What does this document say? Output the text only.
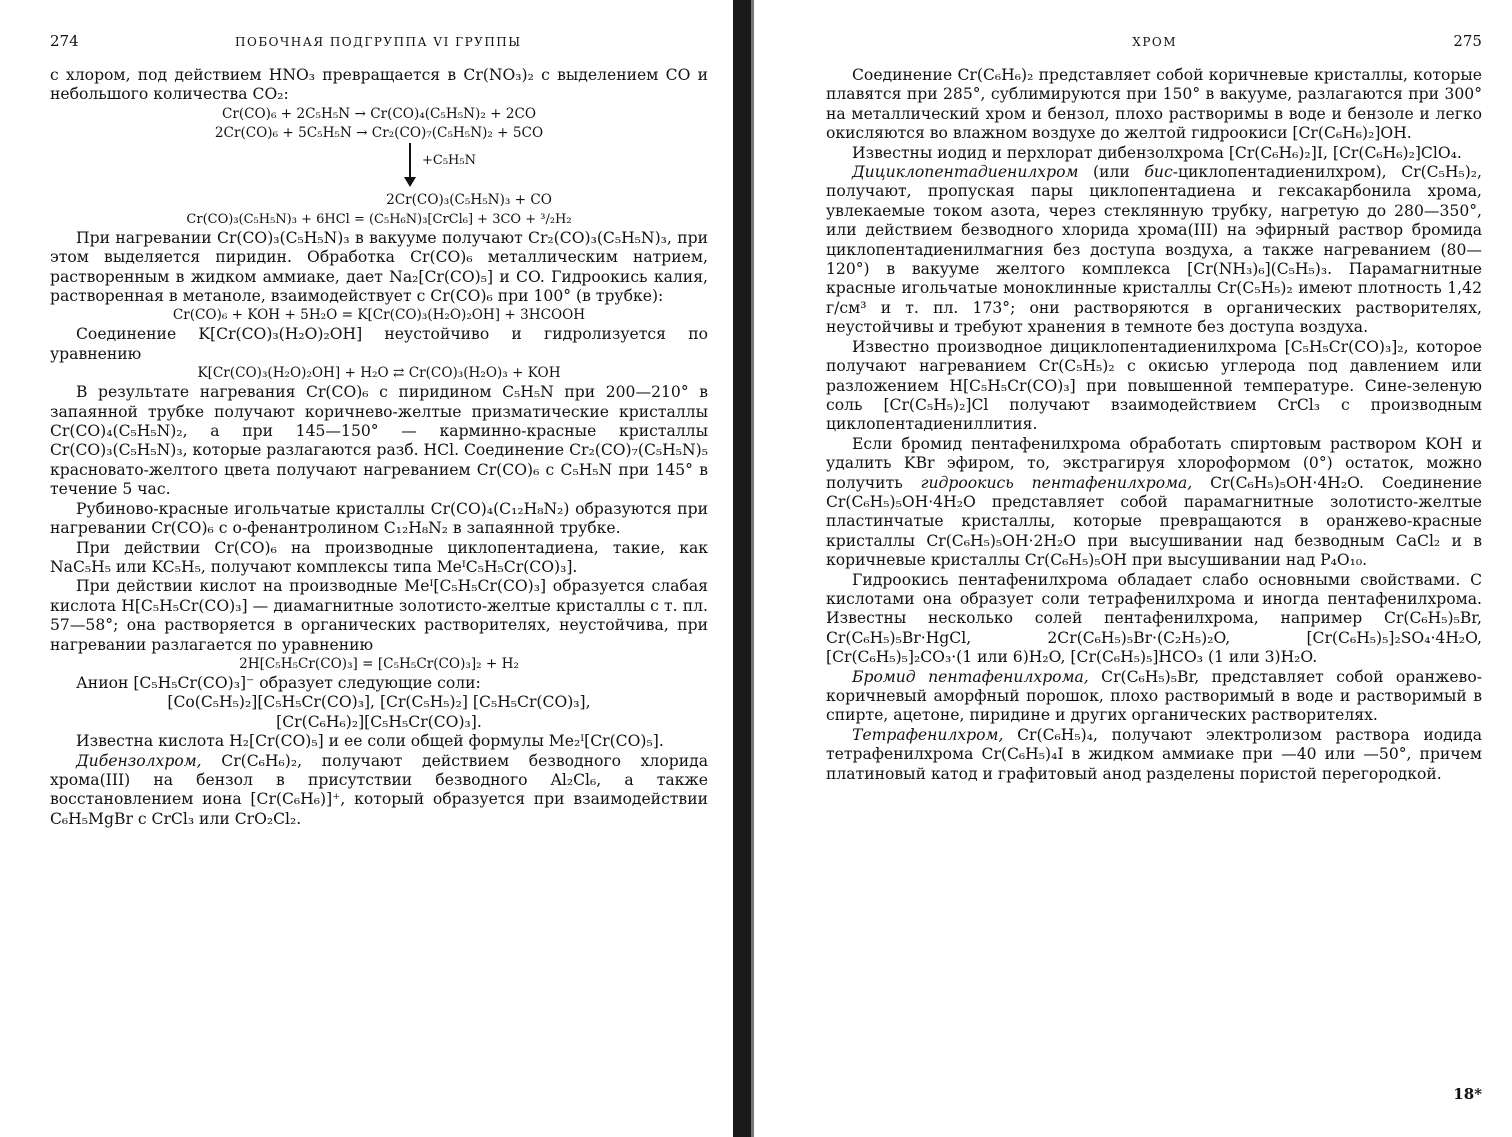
274	ПОБОЧНАЯ ПОДГРУППА VI ГРУППЫ

с хлором, под действием HNO₃ превращается в Cr(NO₃)₂ с выделением CO и небольшого количества CO₂:

Cr(CO)₆ + 2C₅H₅N → Cr(CO)₄(C₅H₅N)₂ + 2CO
2Cr(CO)₆ + 5C₅H₅N → Cr₂(CO)₇(C₅H₅N)₂ + 5CO
+C₅H₅N
2Cr(CO)₃(C₅H₅N)₃ + CO
Cr(CO)₃(C₅H₅N)₃ + 6HCl = (C₅H₆N)₃[CrCl₆] + 3CO + ³/₂H₂

При нагревании Cr(CO)₃(C₅H₅N)₃ в вакууме получают Cr₂(CO)₃(C₅H₅N)₃, при этом выделяется пиридин. Обработка Cr(CO)₆ металлическим натрием, растворенным в жидком аммиаке, дает Na₂[Cr(CO)₅] и CO. Гидроокись калия, растворенная в метаноле, взаимодействует с Cr(CO)₆ при 100° (в трубке):

Cr(CO)₆ + KOH + 5H₂O = K[Cr(CO)₃(H₂O)₂OH] + 3HCOOH

Соединение K[Cr(CO)₃(H₂O)₂OH] неустойчиво и гидролизуется по уравнению

K[Cr(CO)₃(H₂O)₂OH] + H₂O ⇄ Cr(CO)₃(H₂O)₃ + KOH

В результате нагревания Cr(CO)₆ с пиридином C₅H₅N при 200—210° в запаянной трубке получают коричнево-желтые призматические кристаллы Cr(CO)₄(C₅H₅N)₂, а при 145—150° — карминно-красные кристаллы Cr(CO)₃(C₅H₅N)₃, которые разлагаются разб. HCl. Соединение Cr₂(CO)₇(C₅H₅N)₅ красновато-желтого цвета получают нагреванием Cr(CO)₆ с C₅H₅N при 145° в течение 5 час.

Рубиново-красные игольчатые кристаллы Cr(CO)₄(C₁₂H₈N₂) образуются при нагревании Cr(CO)₆ с о-фенантролином C₁₂H₈N₂ в запаянной трубке.

При действии Cr(CO)₆ на производные циклопентадиена, такие, как NaC₅H₅ или KC₅H₅, получают комплексы типа MeᴵС₅H₅Cr(CO)₃].

При действии кислот на производные Meᴵ[C₅H₅Cr(CO)₃] образуется слабая кислота H[C₅H₅Cr(CO)₃] — диамагнитные золотисто-желтые кристаллы с т. пл. 57—58°; она растворяется в органических растворителях, неустойчива, при нагревании разлагается по уравнению

2H[C₅H₅Cr(CO)₃] = [C₅H₅Cr(CO)₃]₂ + H₂

Анион [C₅H₅Cr(CO)₃]⁻ образует следующие соли:

[Co(C₅H₅)₂][C₅H₅Cr(CO)₃], [Cr(C₅H₅)₂] [C₅H₅Cr(CO)₃],
[Cr(C₆H₆)₂][C₅H₅Cr(CO)₃].

Известна кислота H₂[Cr(CO)₅] и ее соли общей формулы Me₂ᴵ[Cr(CO)₅].

Дибензолхром, Cr(C₆H₆)₂, получают действием безводного хлорида хрома(III) на бензол в присутствии безводного Al₂Cl₆, а также восстановлением иона [Cr(C₆H₆)]⁺, который образуется при взаимодействии C₆H₅MgBr с CrCl₃ или CrO₂Cl₂.

ХРОМ	275

Соединение Cr(C₆H₆)₂ представляет собой коричневые кристаллы, которые плавятся при 285°, сублимируются при 150° в вакууме, разлагаются при 300° на металлический хром и бензол, плохо растворимы в воде и бензоле и легко окисляются во влажном воздухе до желтой гидроокиси [Cr(C₆H₆)₂]OH.

Известны иодид и перхлорат дибензолхрома [Cr(C₆H₆)₂]I, [Cr(C₆H₆)₂]ClO₄.

Дициклопентадиенилхром (или бис-циклопентадиенилхром), Cr(C₅H₅)₂, получают, пропуская пары циклопентадиена и гексакарбонила хрома, увлекаемые током азота, через стеклянную трубку, нагретую до 280—350°, или действием безводного хлорида хрома(III) на эфирный раствор бромида циклопентадиенилмагния без доступа воздуха, а также нагреванием (80—120°) в вакууме желтого комплекса [Cr(NH₃)₆](C₅H₅)₃. Парамагнитные красные игольчатые моноклинные кристаллы Cr(C₅H₅)₂ имеют плотность 1,42 г/см³ и т. пл. 173°; они растворяются в органических растворителях, неустойчивы и требуют хранения в темноте без доступа воздуха.

Известно производное дициклопентадиенилхрома [C₅H₅Cr(CO)₃]₂, которое получают нагреванием Cr(C₅H₅)₂ с окисью углерода под давлением или разложением H[C₅H₅Cr(CO)₃] при повышенной температуре. Сине-зеленую соль [Cr(C₅H₅)₂]Cl получают взаимодействием CrCl₃ с производным циклопентадиениллития.

Если бромид пентафенилхрома обработать спиртовым раствором KOH и удалить KBr эфиром, то, экстрагируя хлороформом (0°) остаток, можно получить гидроокись пентафенилхрома, Cr(C₆H₅)₅OH·4H₂O. Соединение Cr(C₆H₅)₅OH·4H₂O представляет собой парамагнитные золотисто-желтые пластинчатые кристаллы, которые превращаются в оранжево-красные кристаллы Cr(C₆H₅)₅OH·2H₂O при высушивании над безводным CaCl₂ и в коричневые кристаллы Cr(C₆H₅)₅OH при высушивании над P₄O₁₀.

Гидроокись пентафенилхрома обладает слабо основными свойствами. С кислотами она образует соли тетрафенилхрома и иногда пентафенилхрома. Известны несколько солей пентафенилхрома, например Cr(C₆H₅)₅Br, Cr(C₆H₅)₅Br·HgCl, 2Cr(C₆H₅)₅Br·(C₂H₅)₂O, [Cr(C₆H₅)₅]₂SO₄·4H₂O, [Cr(C₆H₅)₅]₂CO₃·(1 или 6)H₂O, [Cr(C₆H₅)₅]HCO₃ (1 или 3)H₂O.

Бромид пентафенилхрома, Cr(C₆H₅)₅Br, представляет собой оранжево-коричневый аморфный порошок, плохо растворимый в воде и растворимый в спирте, ацетоне, пиридине и других органических растворителях.

Тетрафенилхром, Cr(C₆H₅)₄, получают электролизом раствора иодида тетрафенилхрома Cr(C₆H₅)₄I в жидком аммиаке при —40 или —50°, причем платиновый катод и графитовый анод разделены пористой перегородкой.

18*
